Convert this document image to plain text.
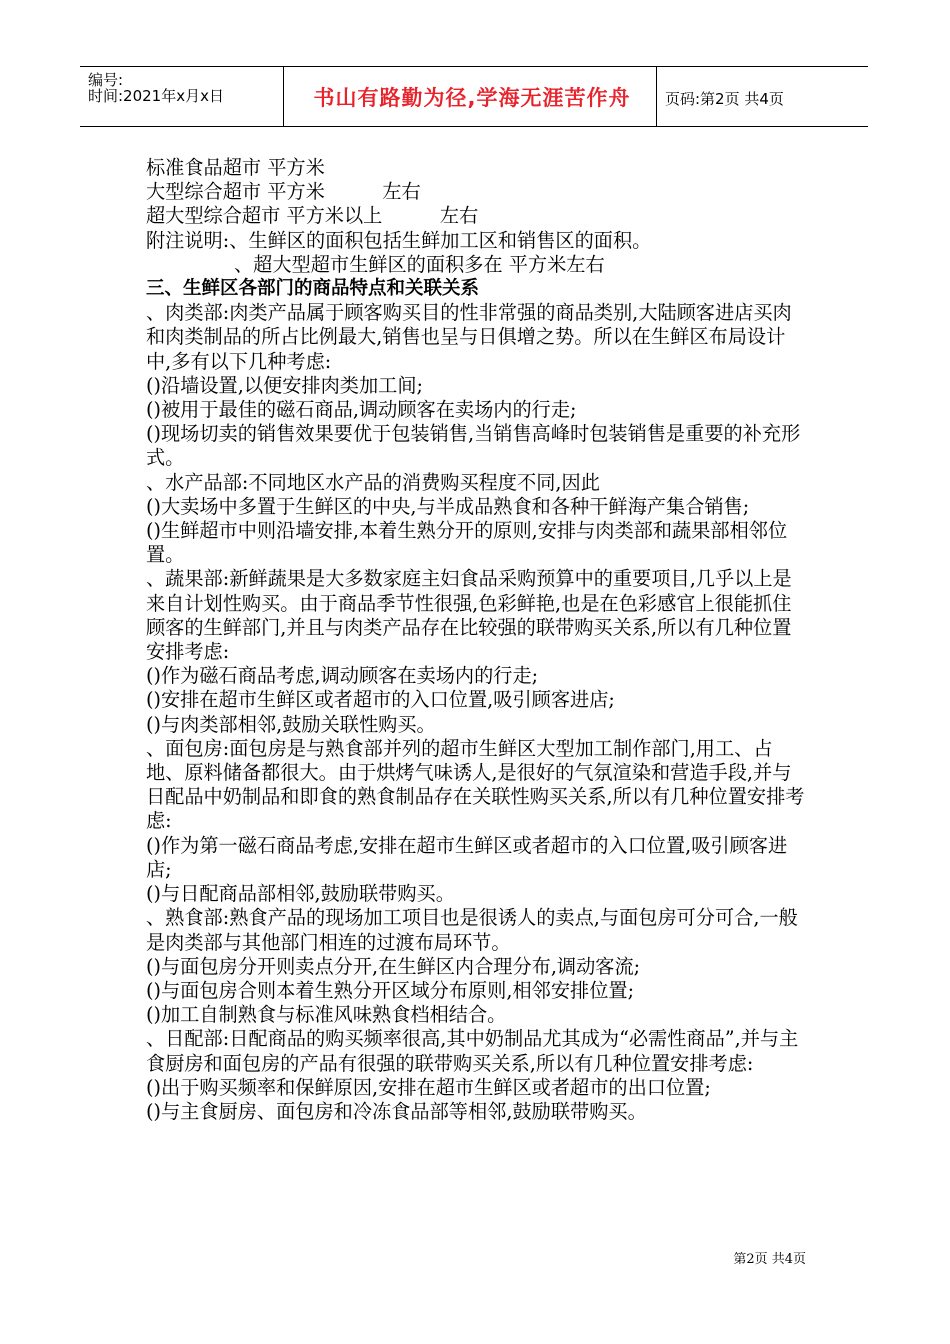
编号:
时间:2021年x月x日	书山有路勤为径,学海无涯苦作舟	页码:第2页 共4页

标准食品超市 平方米

大型综合超市 平方米　　　左右

超大型综合超市 平方米以上　　　左右

附注说明:、生鲜区的面积包括生鲜加工区和销售区的面积。

、超大型超市生鲜区的面积多在 平方米左右

三、生鲜区各部门的商品特点和关联关系

、肉类部:肉类产品属于顾客购买目的性非常强的商品类别,大陆顾客进店买肉和肉类制品的所占比例最大,销售也呈与日俱增之势。所以在生鲜区布局设计中,多有以下几种考虑:

()沿墙设置,以便安排肉类加工间;

()被用于最佳的磁石商品,调动顾客在卖场内的行走;

()现场切卖的销售效果要优于包装销售,当销售高峰时包装销售是重要的补充形式。

、水产品部:不同地区水产品的消费购买程度不同,因此

()大卖场中多置于生鲜区的中央,与半成品熟食和各种干鲜海产集合销售;

()生鲜超市中则沿墙安排,本着生熟分开的原则,安排与肉类部和蔬果部相邻位置。

、蔬果部:新鲜蔬果是大多数家庭主妇食品采购预算中的重要项目,几乎以上是来自计划性购买。由于商品季节性很强,色彩鲜艳,也是在色彩感官上很能抓住顾客的生鲜部门,并且与肉类产品存在比较强的联带购买关系,所以有几种位置安排考虑:

()作为磁石商品考虑,调动顾客在卖场内的行走;

()安排在超市生鲜区或者超市的入口位置,吸引顾客进店;

()与肉类部相邻,鼓励关联性购买。

、面包房:面包房是与熟食部并列的超市生鲜区大型加工制作部门,用工、占地、原料储备都很大。由于烘烤气味诱人,是很好的气氛渲染和营造手段,并与日配品中奶制品和即食的熟食制品存在关联性购买关系,所以有几种位置安排考虑:

()作为第一磁石商品考虑,安排在超市生鲜区或者超市的入口位置,吸引顾客进店;

()与日配商品部相邻,鼓励联带购买。

、熟食部:熟食产品的现场加工项目也是很诱人的卖点,与面包房可分可合,一般是肉类部与其他部门相连的过渡布局环节。

()与面包房分开则卖点分开,在生鲜区内合理分布,调动客流;

()与面包房合则本着生熟分开区域分布原则,相邻安排位置;

()加工自制熟食与标准风味熟食档相结合。

、日配部:日配商品的购买频率很高,其中奶制品尤其成为“必需性商品”,并与主食厨房和面包房的产品有很强的联带购买关系,所以有几种位置安排考虑:

()出于购买频率和保鲜原因,安排在超市生鲜区或者超市的出口位置;

()与主食厨房、面包房和冷冻食品部等相邻,鼓励联带购买。

第2页 共4页
